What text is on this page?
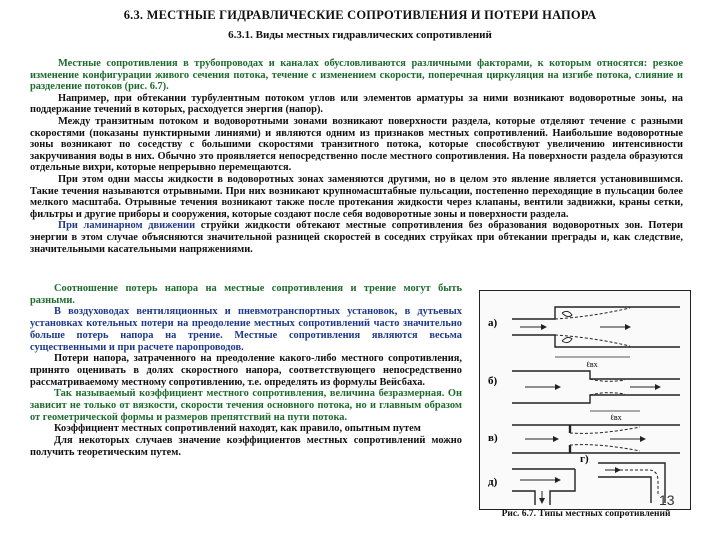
6.3. МЕСТНЫЕ ГИДРАВЛИЧЕСКИЕ СОПРОТИВЛЕНИЯ И ПОТЕРИ НАПОРА
6.3.1. Виды местных гидравлических сопротивлений

Местные сопротивления в трубопроводах и каналах обусловливаются различными факторами, к которым относятся: резкое изменение конфигурации живого сечения потока, течение с изменением скорости, поперечная циркуляция на изгибе потока, слияние и разделение потоков (рис. 6.7).

Например, при обтекании турбулентным потоком углов или элементов арматуры за ними возникают водоворотные зоны, на поддержание течений в которых, расходуется энергия (напор).

Между транзитным потоком и водоворотными зонами возникают поверхности раздела, которые отделяют течение с разными скоростями (показаны пунктирными линиями) и являются одним из признаков местных сопротивлений. Наибольшие водоворотные зоны возникают по соседству с большими скоростями транзитного потока, которые способствуют увеличению интенсивности закручивания воды в них. Обычно это проявляется непосредственно после местного сопротивления. На поверхности раздела образуются отдельные вихри, которые непрерывно перемещаются.

При этом одни массы жидкости в водоворотных зонах заменяются другими, но в целом это явление является установившимся. Такие течения называются отрывными. При них возникают крупномасштабные пульсации, постепенно переходящие в пульсации более мелкого масштаба. Отрывные течения возникают также после протекания жидкости через клапаны, вентили задвижки, краны сетки, фильтры и другие приборы и сооружения, которые создают после себя водоворотные зоны и поверхности раздела.

При ламинарном движении струйки жидкости обтекают местные сопротивления без образования водоворотных зон. Потери энергии в этом случае объясняются значительной разницей скоростей в соседних струйках при обтекании преграды и, как следствие, значительными касательными напряжениями.

Соотношение потерь напора на местные сопротивления и трение могут быть разными.

В воздуховодах вентиляционных и пневмотранспортных установок, в дутьевых установках котельных потери на преодоление местных сопротивлений часто значительно больше потерь напора на трение. Местные сопротивления являются весьма существенными и при расчете паропроводов.

Потери напора, затраченного на преодоление какого-либо местного сопротивления, принято оценивать в долях скоростного напора, соответствующего непосредственно рассматриваемому местному сопротивлению, т.е. определять из формулы Вейсбаха.

Так называемый коэффициент местного сопротивления, величина безразмерная. Он зависит не только от вязкости, скорости течения основного потока, но и главным образом от геометрической формы и размеров препятствий на пути потока.

Коэффициент местных сопротивлений находят, как правило, опытным путем

Для некоторых случаев значение коэффициентов местных сопротивлений можно получить теоретическим путем.

а)
ℓвх
б)
ℓвх
в)
г)
д)
13
Рис. 6.7. Типы местных сопротивлений
